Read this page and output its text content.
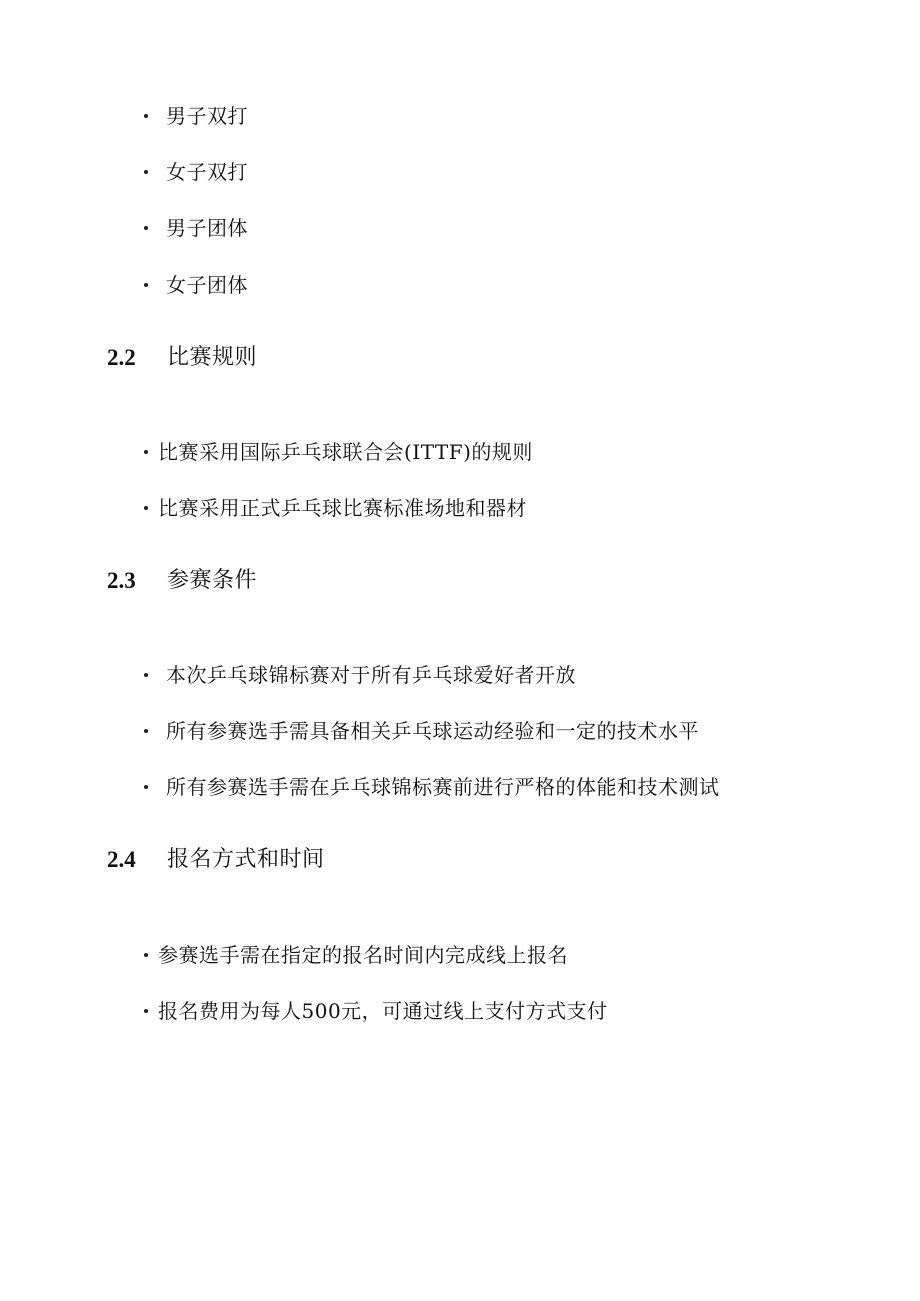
男子双打
女子双打
男子团体
女子团体
2.2 比赛规则
比赛采用国际乒乓球联合会(ITTF)的规则
比赛采用正式乒乓球比赛标准场地和器材
2.3 参赛条件
本次乒乓球锦标赛对于所有乒乓球爱好者开放
所有参赛选手需具备相关乒乓球运动经验和一定的技术水平
所有参赛选手需在乒乓球锦标赛前进行严格的体能和技术测试
2.4 报名方式和时间
参赛选手需在指定的报名时间内完成线上报名
报名费用为每人500元，可通过线上支付方式支付
